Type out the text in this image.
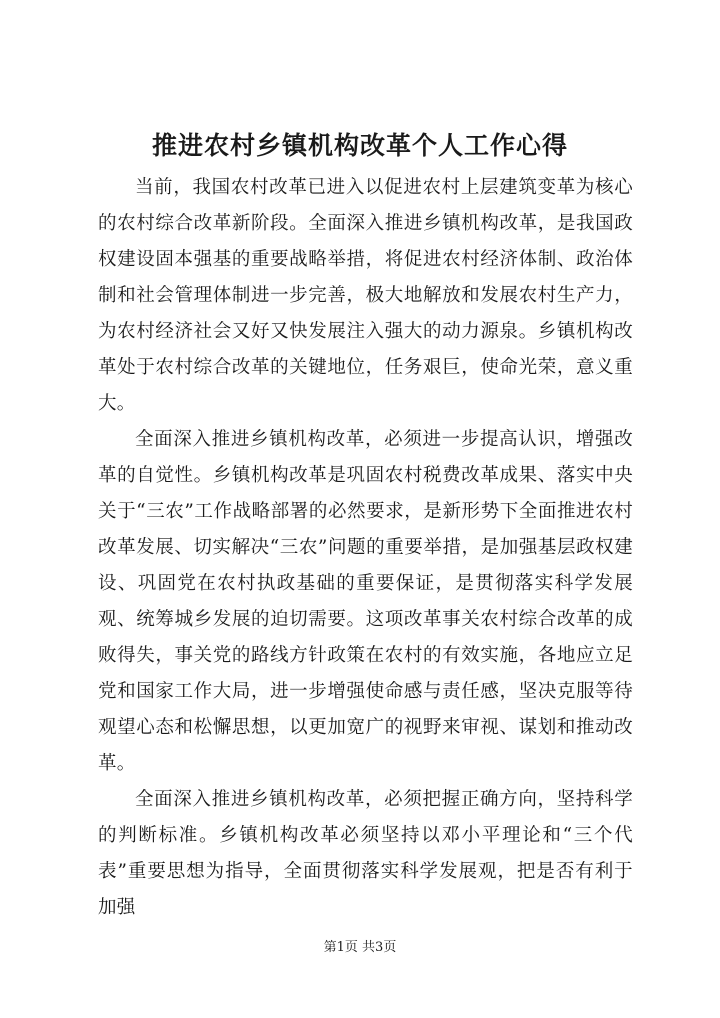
推进农村乡镇机构改革个人工作心得

当前，我国农村改革已进入以促进农村上层建筑变革为核心的农村综合改革新阶段。全面深入推进乡镇机构改革，是我国政权建设固本强基的重要战略举措，将促进农村经济体制、政治体制和社会管理体制进一步完善，极大地解放和发展农村生产力，为农村经济社会又好又快发展注入强大的动力源泉。乡镇机构改革处于农村综合改革的关键地位，任务艰巨，使命光荣，意义重大。

全面深入推进乡镇机构改革，必须进一步提高认识，增强改革的自觉性。乡镇机构改革是巩固农村税费改革成果、落实中央关于“三农”工作战略部署的必然要求，是新形势下全面推进农村改革发展、切实解决“三农”问题的重要举措，是加强基层政权建设、巩固党在农村执政基础的重要保证，是贯彻落实科学发展观、统筹城乡发展的迫切需要。这项改革事关农村综合改革的成败得失，事关党的路线方针政策在农村的有效实施，各地应立足党和国家工作大局，进一步增强使命感与责任感，坚决克服等待观望心态和松懈思想，以更加宽广的视野来审视、谋划和推动改革。

全面深入推进乡镇机构改革，必须把握正确方向，坚持科学的判断标准。乡镇机构改革必须坚持以邓小平理论和“三个代表”重要思想为指导，全面贯彻落实科学发展观，把是否有利于加强

第1页 共3页
